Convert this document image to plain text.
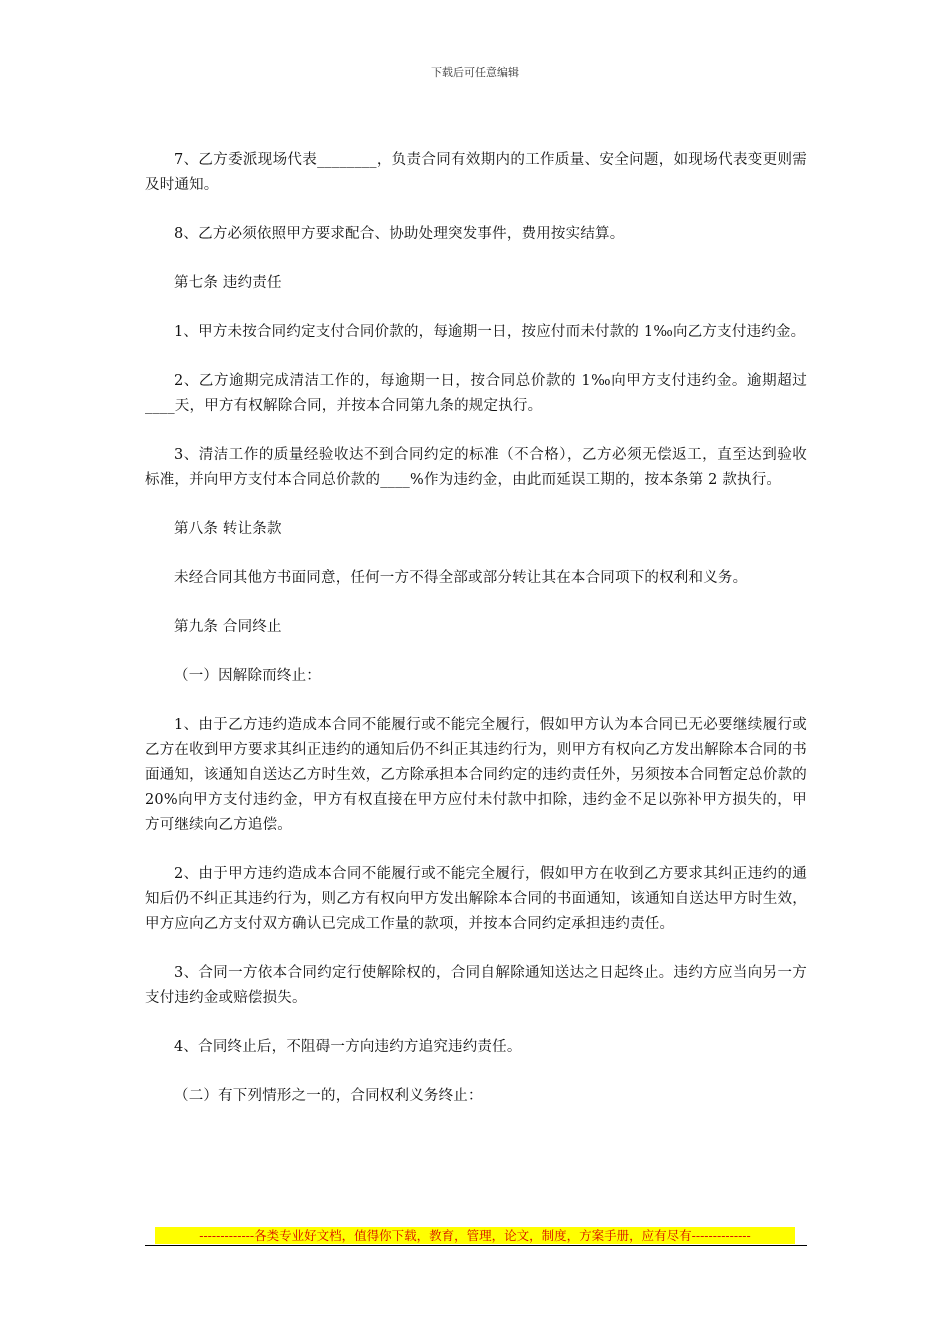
下载后可任意编辑

7、乙方委派现场代表________，负责合同有效期内的工作质量、安全问题，如现场代表变更则需及时通知。

8、乙方必须依照甲方要求配合、协助处理突发事件，费用按实结算。

第七条 违约责任

1、甲方未按合同约定支付合同价款的，每逾期一日，按应付而未付款的 1‰向乙方支付违约金。

2、乙方逾期完成清洁工作的，每逾期一日，按合同总价款的 1‰向甲方支付违约金。逾期超过____天，甲方有权解除合同，并按本合同第九条的规定执行。

3、清洁工作的质量经验收达不到合同约定的标准（不合格），乙方必须无偿返工，直至达到验收标准，并向甲方支付本合同总价款的____%作为违约金，由此而延误工期的，按本条第 2 款执行。

第八条 转让条款

未经合同其他方书面同意，任何一方不得全部或部分转让其在本合同项下的权利和义务。

第九条 合同终止

（一）因解除而终止：

1、由于乙方违约造成本合同不能履行或不能完全履行，假如甲方认为本合同已无必要继续履行或乙方在收到甲方要求其纠正违约的通知后仍不纠正其违约行为，则甲方有权向乙方发出解除本合同的书面通知，该通知自送达乙方时生效，乙方除承担本合同约定的违约责任外，另须按本合同暂定总价款的 20%向甲方支付违约金，甲方有权直接在甲方应付未付款中扣除，违约金不足以弥补甲方损失的，甲方可继续向乙方追偿。

2、由于甲方违约造成本合同不能履行或不能完全履行，假如甲方在收到乙方要求其纠正违约的通知后仍不纠正其违约行为，则乙方有权向甲方发出解除本合同的书面通知，该通知自送达甲方时生效，甲方应向乙方支付双方确认已完成工作量的款项，并按本合同约定承担违约责任。

3、合同一方依本合同约定行使解除权的，合同自解除通知送达之日起终止。违约方应当向另一方支付违约金或赔偿损失。

4、合同终止后，不阻碍一方向违约方追究违约责任。

（二）有下列情形之一的，合同权利义务终止：

-------------各类专业好文档，值得你下载，教育，管理，论文，制度，方案手册，应有尽有--------------
